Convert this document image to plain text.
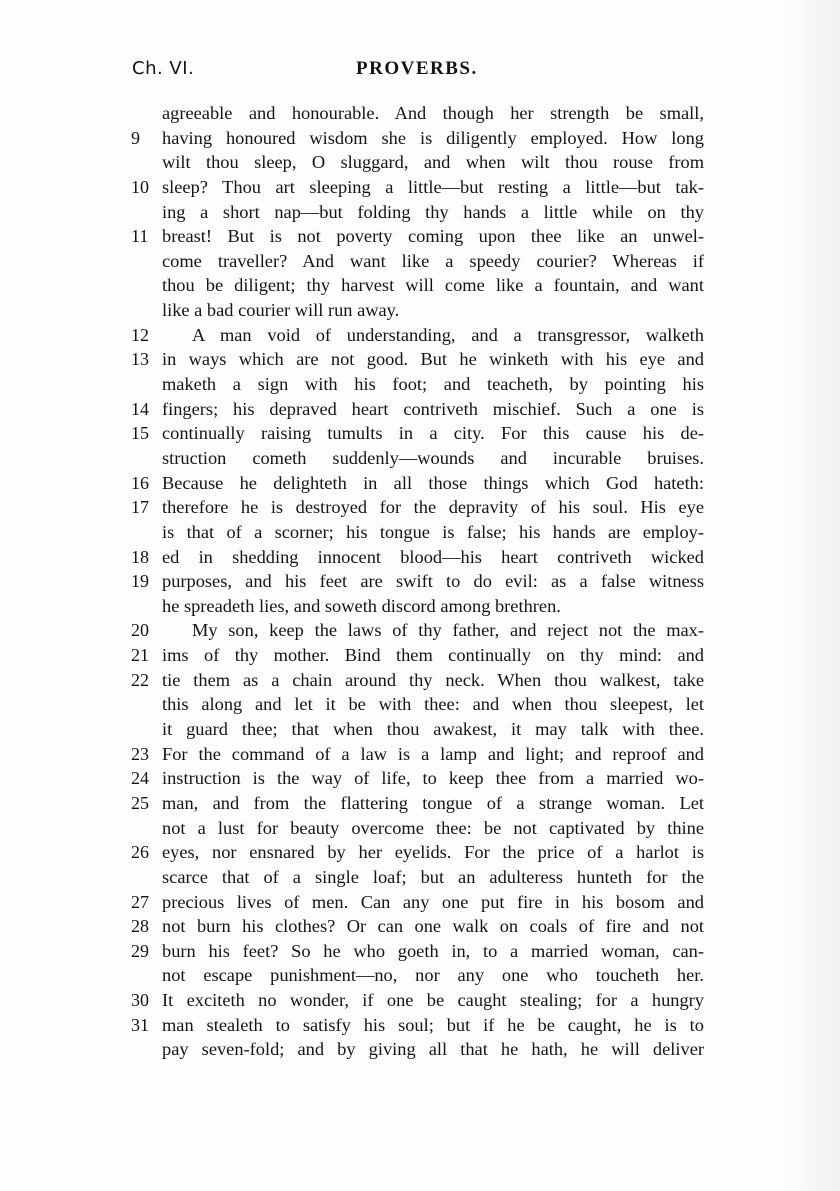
Ch. VI.	PROVERBS.
agreeable and honourable. And though her strength be small,
9	having honoured wisdom she is diligently employed. How long
wilt thou sleep, O sluggard, and when wilt thou rouse from
10 sleep? Thou art sleeping a little—but resting a little—but tak-
ing a short nap—but folding thy hands a little while on thy
11 breast! But is not poverty coming upon thee like an unwel-
come traveller? And want like a speedy courier? Whereas if
thou be diligent; thy harvest will come like a fountain, and want
like a bad courier will run away.
12	A man void of understanding, and a transgressor, walketh
13 in ways which are not good. But he winketh with his eye and
maketh a sign with his foot; and teacheth, by pointing his
14 fingers; his depraved heart contriveth mischief. Such a one is
15 continually raising tumults in a city. For this cause his de-
struction cometh suddenly—wounds and incurable bruises.
16 Because he delighteth in all those things which God hateth:
17 therefore he is destroyed for the depravity of his soul. His eye
is that of a scorner; his tongue is false; his hands are employ-
18 ed in shedding innocent blood—his heart contriveth wicked
19 purposes, and his feet are swift to do evil: as a false witness
he spreadeth lies, and soweth discord among brethren.
20	My son, keep the laws of thy father, and reject not the max-
21 ims of thy mother. Bind them continually on thy mind: and
22 tie them as a chain around thy neck. When thou walkest, take
this along and let it be with thee: and when thou sleepest, let
it guard thee; that when thou awakest, it may talk with thee.
23 For the command of a law is a lamp and light; and reproof and
24 instruction is the way of life, to keep thee from a married wo-
25 man, and from the flattering tongue of a strange woman. Let
not a lust for beauty overcome thee: be not captivated by thine
26 eyes, nor ensnared by her eyelids. For the price of a harlot is
scarce that of a single loaf; but an adulteress hunteth for the
27 precious lives of men. Can any one put fire in his bosom and
28 not burn his clothes? Or can one walk on coals of fire and not
29 burn his feet? So he who goeth in, to a married woman, can-
not escape punishment—no, nor any one who toucheth her.
30 It exciteth no wonder, if one be caught stealing; for a hungry
31 man stealeth to satisfy his soul; but if he be caught, he is to
pay seven-fold; and by giving all that he hath, he will deliver
